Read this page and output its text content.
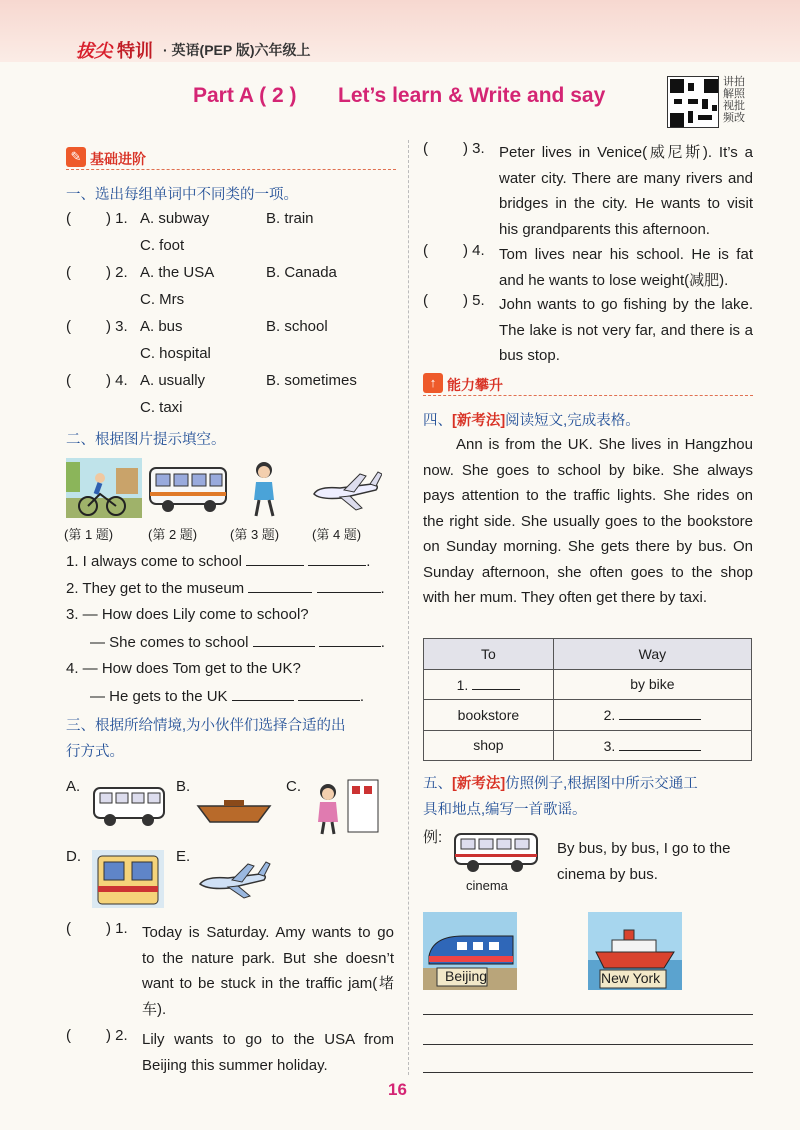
拔尖 特训 · 英语(PEP 版)六年级上
Part A ( 2 ) Let’s learn & Write and say
讲拍解照视批频改
✎ 基础进阶
一、选出每组单词中不同类的一项。
( ) 1. A. subway	B. train
C. foot
( ) 2. A. the USA	B. Canada
C. Mrs
( ) 3. A. bus	B. school
C. hospital
( ) 4. A. usually	B. sometimes
C. taxi
二、根据图片提示填空。
(第 1 题)	(第 2 题)	(第 3 题)	(第 4 题)
1. I always come to school	.
2. They get to the museum	.
3. — How does Lily come to school?
— She comes to school	.
4. — How does Tom get to the UK?
— He gets to the UK	.
三、根据所给情境,为小伙伴们选择合适的出
行方式。
A.	B.	C.
D.	E.
( ) 1. Today is Saturday. Amy wants to go to the nature park. But she doesn’t want to be stuck in the traffic jam(堵车).
( ) 2. Lily wants to go to the USA from Beijing this summer holiday.
( ) 3. Peter lives in Venice(威尼斯). It’s a water city. There are many rivers and bridges in the city. He wants to visit his grandparents this afternoon.
( ) 4. Tom lives near his school. He is fat and he wants to lose weight(减肥).
( ) 5. John wants to go fishing by the lake. The lake is not very far, and there is a bus stop.
↑ 能力攀升
四、[新考法]阅读短文,完成表格。
Ann is from the UK. She lives in Hangzhou now. She goes to school by bike. She always pays attention to the traffic lights. She rides on the right side. She usually goes to the bookstore on Sunday morning. She gets there by bus. On Sunday afternoon, she often goes to the shop with her mum. They often get there by taxi.
To	Way
1.	by bike
bookstore	2.
shop	3.
五、[新考法]仿照例子,根据图中所示交通工
具和地点,编写一首歌谣。
例:
cinema
By bus, by bus, I go to the cinema by bus.
Beijing	New York
16
